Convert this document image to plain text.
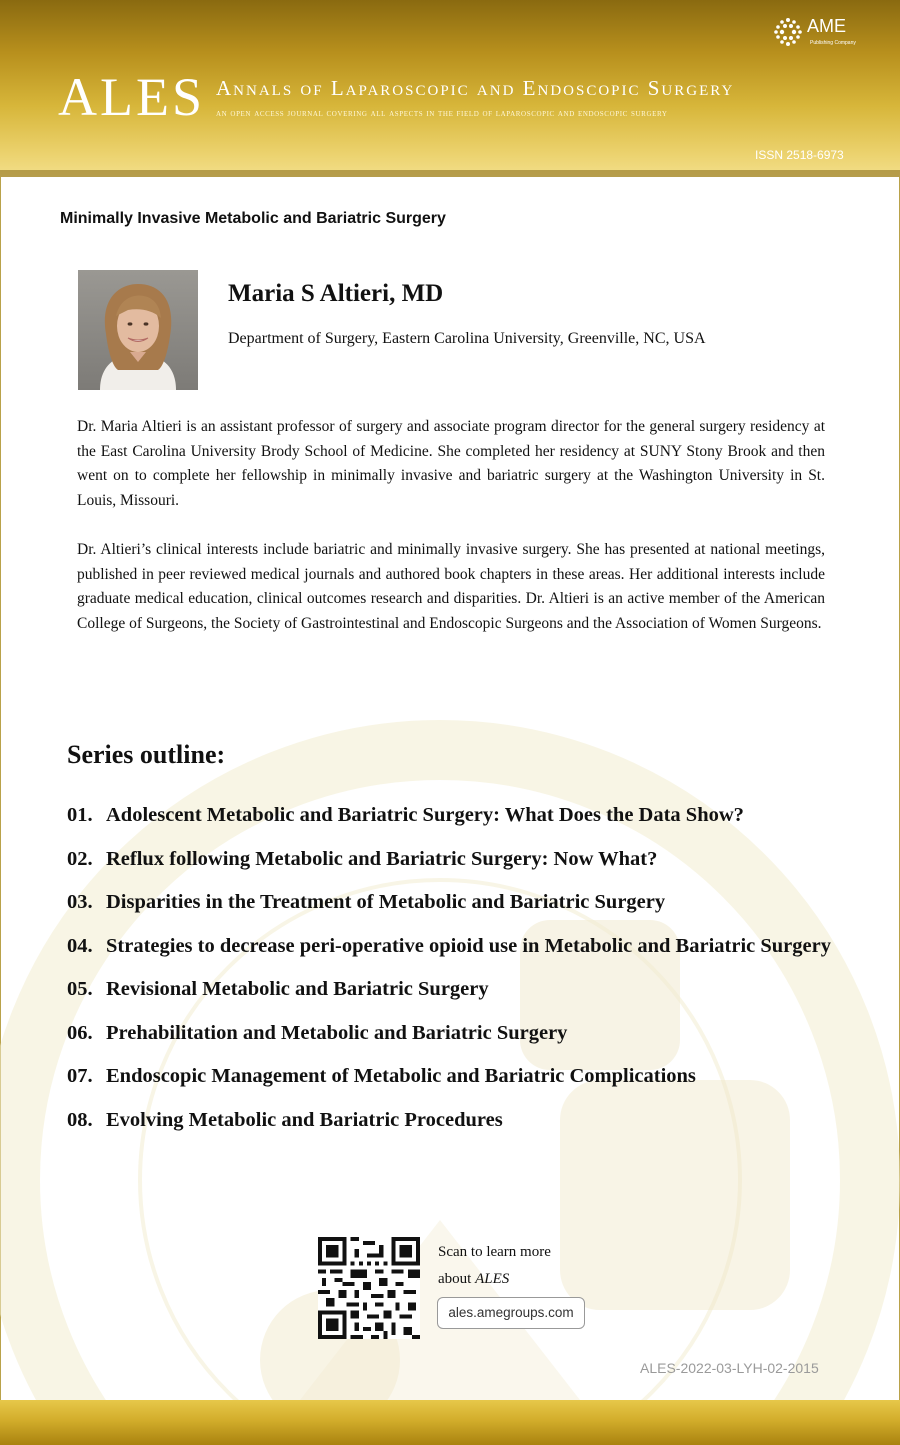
ALES Annals of Laparoscopic and Endoscopic Surgery
an open access journal covering all aspects in the field of laparoscopic and endoscopic surgery
ISSN 2518-6973
AME
Publishing Company
Minimally Invasive Metabolic and Bariatric Surgery
Maria S Altieri, MD
Department of Surgery, Eastern Carolina University, Greenville, NC, USA

Dr. Maria Altieri is an assistant professor of surgery and associate program director for the general surgery residency at the East Carolina University Brody School of Medicine. She completed her residency at SUNY Stony Brook and then went on to complete her fellowship in minimally invasive and bariatric surgery at the Washington University in St. Louis, Missouri.

Dr. Altieri’s clinical interests include bariatric and minimally invasive surgery. She has presented at national meetings, published in peer reviewed medical journals and authored book chapters in these areas. Her additional interests include graduate medical education, clinical outcomes research and disparities. Dr. Altieri is an active member of the American College of Surgeons, the Society of Gastrointestinal and Endoscopic Surgeons and the Association of Women Surgeons.

Series outline:
01. Adolescent Metabolic and Bariatric Surgery: What Does the Data Show?
02. Reflux following Metabolic and Bariatric Surgery: Now What?
03. Disparities in the Treatment of Metabolic and Bariatric Surgery
04. Strategies to decrease peri-operative opioid use in Metabolic and Bariatric Surgery
05. Revisional Metabolic and Bariatric Surgery
06. Prehabilitation and Metabolic and Bariatric Surgery
07. Endoscopic Management of Metabolic and Bariatric Complications
08. Evolving Metabolic and Bariatric Procedures
Scan to learn more
about ALES
ales.amegroups.com
ALES-2022-03-LYH-02-2015
